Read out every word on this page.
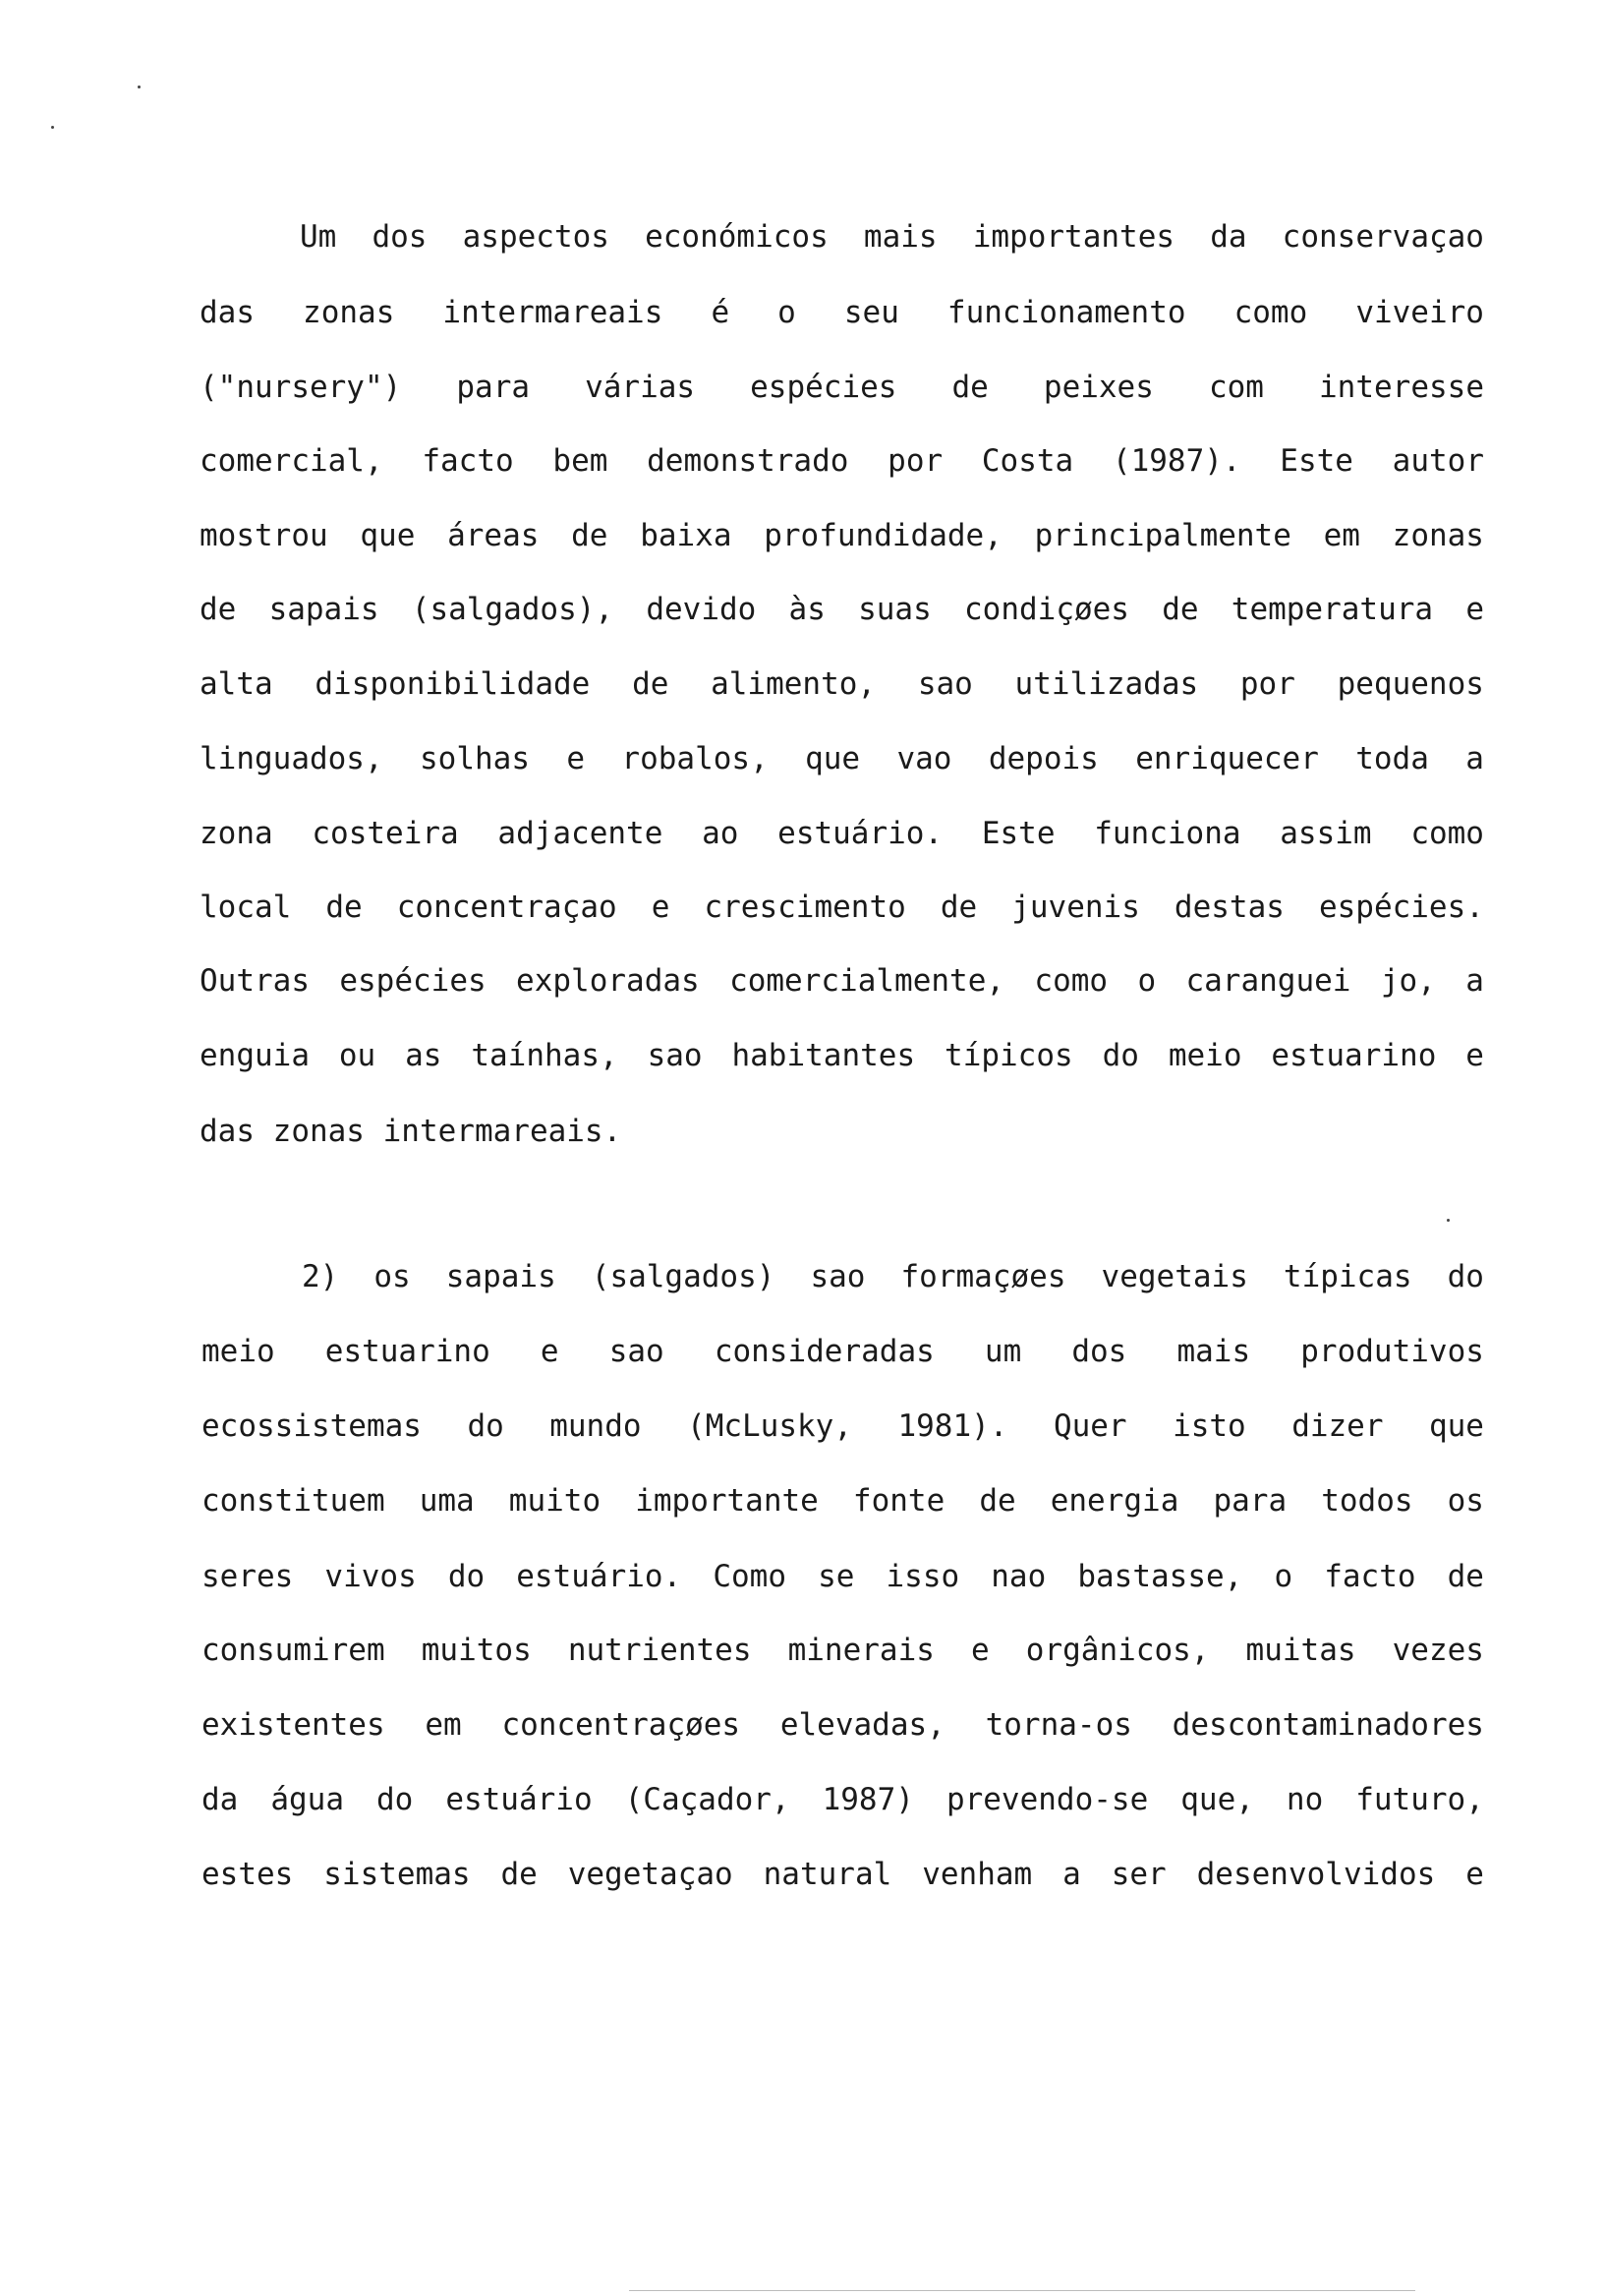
Um dos aspectos económicos mais importantes da conservaçao
das zonas intermareais é o seu funcionamento como viveiro
("nursery") para várias espécies de peixes com interesse
comercial, facto bem demonstrado por Costa (1987). Este autor
mostrou que áreas de baixa profundidade, principalmente em zonas
de sapais (salgados), devido às suas condiçøes de temperatura e
alta disponibilidade de alimento, sao utilizadas por pequenos
linguados, solhas e robalos, que vao depois enriquecer toda a
zona costeira adjacente ao estuário. Este funciona assim como
local de concentraçao e crescimento de juvenis destas espécies.
Outras espécies exploradas comercialmente, como o caranguei jo, a
enguia ou as taínhas, sao habitantes típicos do meio estuarino e
das zonas intermareais.
2) os sapais (salgados) sao formaçøes vegetais típicas do
meio estuarino e sao consideradas um dos mais produtivos
ecossistemas do mundo (McLusky, 1981). Quer isto dizer que
constituem uma muito importante fonte de energia para todos os
seres vivos do estuário. Como se isso nao bastasse, o facto de
consumirem muitos nutrientes minerais e orgânicos, muitas vezes
existentes em concentraçøes elevadas, torna-os descontaminadores
da água do estuário (Caçador, 1987) prevendo-se que, no futuro,
estes sistemas de vegetaçao natural venham a ser desenvolvidos e
